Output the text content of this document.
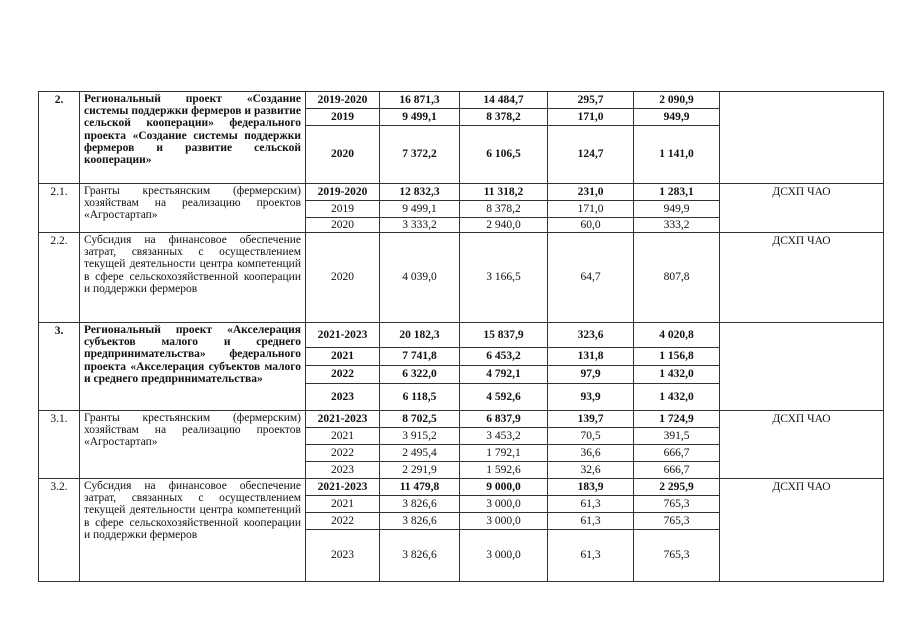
2.	Региональный проект «Создание системы поддержки фермеров и развитие сельской кооперации» федерального проекта «Создание системы поддержки фермеров и развитие сельской кооперации»	2019-2020	16 871,3	14 484,7	295,7	2 090,9	
		2019	9 499,1	8 378,2	171,0	949,9	
		2020	7 372,2	6 106,5	124,7	1 141,0	
2.1.	Гранты крестьянским (фермерским) хозяйствам на реализацию проектов «Агростартап»	2019-2020	12 832,3	11 318,2	231,0	1 283,1	ДСХП ЧАО
		2019	9 499,1	8 378,2	171,0	949,9	
		2020	3 333,2	2 940,0	60,0	333,2	
2.2.	Субсидия на финансовое обеспечение затрат, связанных с осуществлением текущей деятельности центра компетенций в сфере сельскохозяйственной кооперации и поддержки фермеров	2020	4 039,0	3 166,5	64,7	807,8	ДСХП ЧАО
3.	Региональный проект «Акселерация субъектов малого и среднего предпринимательства» федерального проекта «Акселерация субъектов малого и среднего предпринимательства»	2021-2023	20 182,3	15 837,9	323,6	4 020,8	
		2021	7 741,8	6 453,2	131,8	1 156,8	
		2022	6 322,0	4 792,1	97,9	1 432,0	
		2023	6 118,5	4 592,6	93,9	1 432,0	
3.1.	Гранты крестьянским (фермерским) хозяйствам на реализацию проектов «Агростартап»	2021-2023	8 702,5	6 837,9	139,7	1 724,9	ДСХП ЧАО
		2021	3 915,2	3 453,2	70,5	391,5	
		2022	2 495,4	1 792,1	36,6	666,7	
		2023	2 291,9	1 592,6	32,6	666,7	
3.2.	Субсидия на финансовое обеспечение затрат, связанных с осуществлением текущей деятельности центра компетенций в сфере сельскохозяйственной кооперации и поддержки фермеров	2021-2023	11 479,8	9 000,0	183,9	2 295,9	ДСХП ЧАО
		2021	3 826,6	3 000,0	61,3	765,3	
		2022	3 826,6	3 000,0	61,3	765,3	
		2023	3 826,6	3 000,0	61,3	765,3	
